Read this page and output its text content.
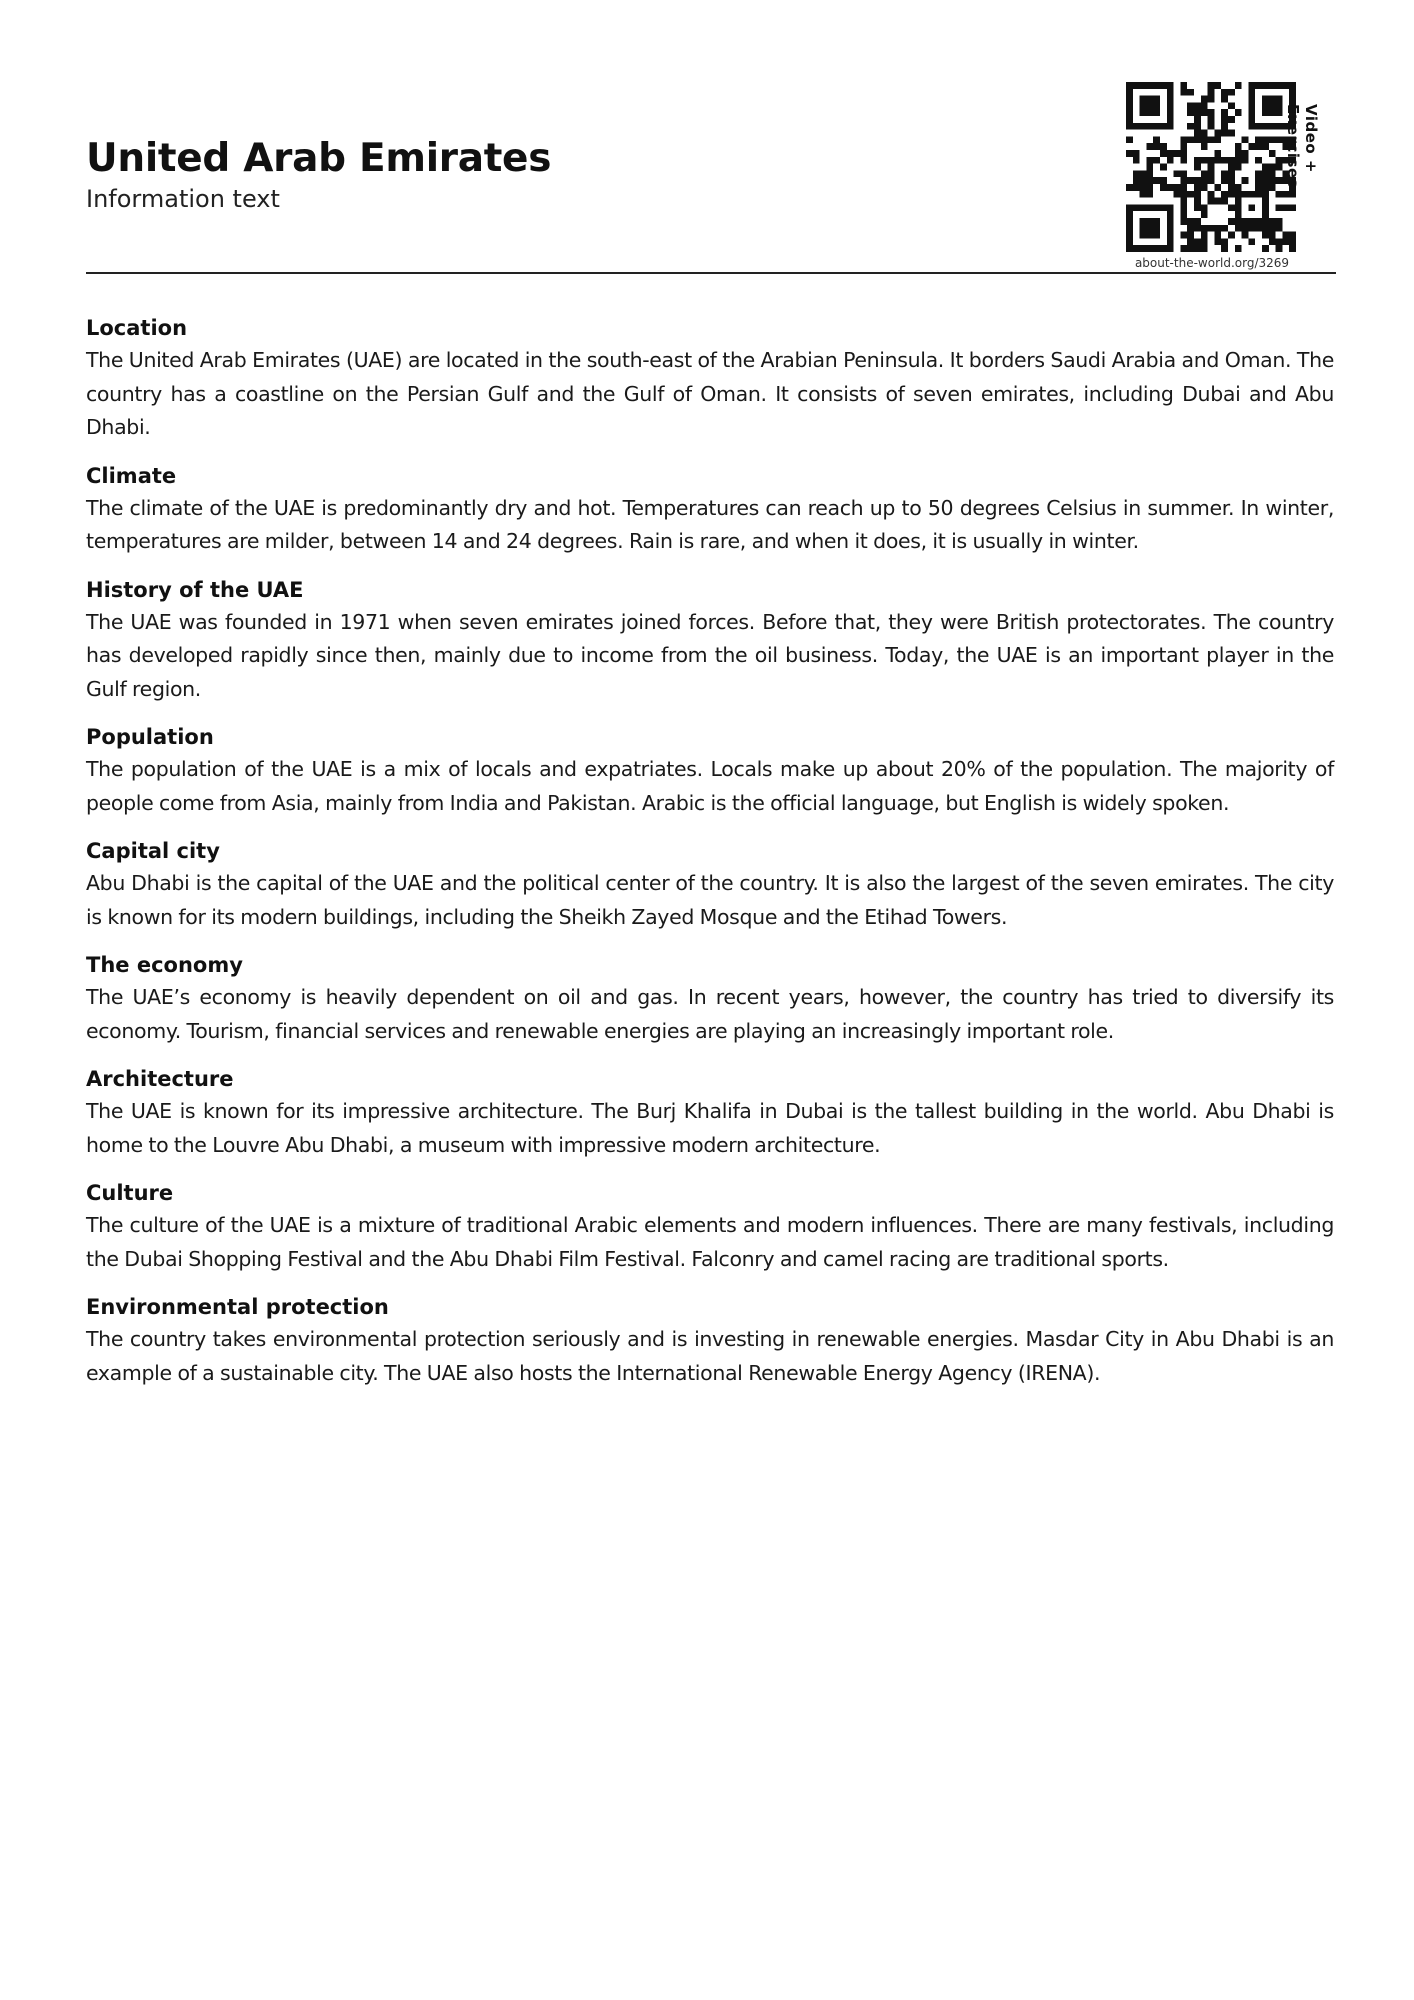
United Arab Emirates
Information text
about-the-world.org/3269
Video + Exercises
Location

The United Arab Emirates (UAE) are located in the south-east of the Arabian Peninsula. It borders Saudi Arabia and Oman. The country has a coastline on the Persian Gulf and the Gulf of Oman. It consists of seven emirates, including Dubai and Abu Dhabi.

Climate

The climate of the UAE is predominantly dry and hot. Temperatures can reach up to 50 degrees Celsius in summer. In winter, temperatures are milder, between 14 and 24 degrees. Rain is rare, and when it does, it is usually in winter.

History of the UAE

The UAE was founded in 1971 when seven emirates joined forces. Before that, they were British protectorates. The country has developed rapidly since then, mainly due to income from the oil business. Today, the UAE is an important player in the Gulf region.

Population

The population of the UAE is a mix of locals and expatriates. Locals make up about 20% of the population. The majority of people come from Asia, mainly from India and Pakistan. Arabic is the official language, but English is widely spoken.

Capital city

Abu Dhabi is the capital of the UAE and the political center of the country. It is also the largest of the seven emirates. The city is known for its modern buildings, including the Sheikh Zayed Mosque and the Etihad Towers.

The economy

The UAE’s economy is heavily dependent on oil and gas. In recent years, however, the country has tried to diversify its economy. Tourism, financial services and renewable energies are playing an increasingly important role.

Architecture

The UAE is known for its impressive architecture. The Burj Khalifa in Dubai is the tallest building in the world. Abu Dhabi is home to the Louvre Abu Dhabi, a museum with impressive modern architecture.

Culture

The culture of the UAE is a mixture of traditional Arabic elements and modern influences. There are many festivals, including the Dubai Shopping Festival and the Abu Dhabi Film Festival. Falconry and camel racing are traditional sports.

Environmental protection

The country takes environmental protection seriously and is investing in renewable energies. Masdar City in Abu Dhabi is an example of a sustainable city. The UAE also hosts the International Renewable Energy Agency (IRENA).
